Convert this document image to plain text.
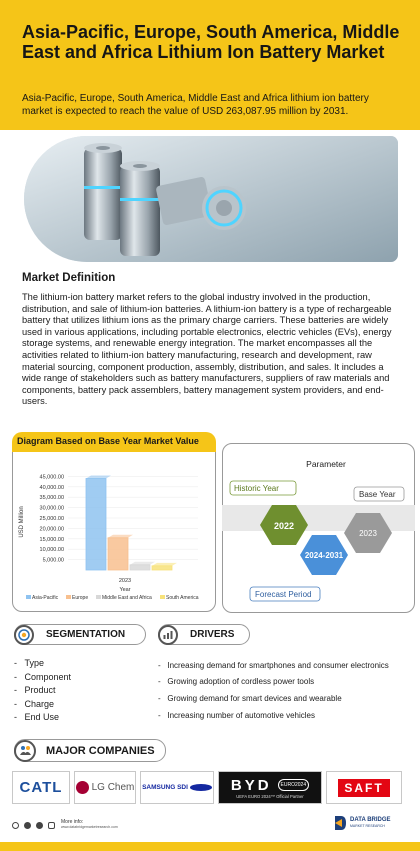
Asia-Pacific, Europe, South America, Middle East and Africa Lithium Ion Battery Market
Asia-Pacific, Europe, South America, Middle East and Africa lithium ion battery market is expected to reach the value of USD 263,087.95 million by 2031.
Market Definition
The lithium-ion battery market refers to the global industry involved in the production, distribution, and sale of lithium-ion batteries. A lithium-ion battery is a type of rechargeable battery that utilizes lithium ions as the primary charge carriers. These batteries are widely used in various applications, including portable electronics, electric vehicles (EVs), energy storage systems, and renewable energy integration. The market encompasses all the activities related to lithium-ion battery manufacturing, research and development, raw material sourcing, component production, assembly, distribution, and sales. It includes a wide range of stakeholders such as battery manufacturers, suppliers of raw materials and components, battery pack assemblers, battery management system providers, and end-users.
Diagram Based on Base Year Market Value
USD Million
5,000.00
10,000.00
15,000.00
20,000.00
25,000.00
30,000.00
35,000.00
40,000.00
45,000.00
2023
Year
Asia-Pacific	Europe	Middle East and Africa	South America
Parameter
Historic Year
Base Year
Forecast Period
2022
2024-2031
2023
SEGMENTATION	DRIVERS
-   Type
-   Component
-   Product
-   Charge
-   End Use
-   Increasing demand for smartphones and consumer electronics
-   Growing adoption of cordless power tools
-   Growing demand for smart devices and wearable
-   Increasing number of automotive vehicles
MAJOR COMPANIES
CATL	LG Chem SAMSUNG SDI	BYD	EURO2024
UEFA EURO 2024™ Official Partner
SAFT
More info:
www.databridgemarketresearch.com
DATA BRIDGE
MARKET RESEARCH
